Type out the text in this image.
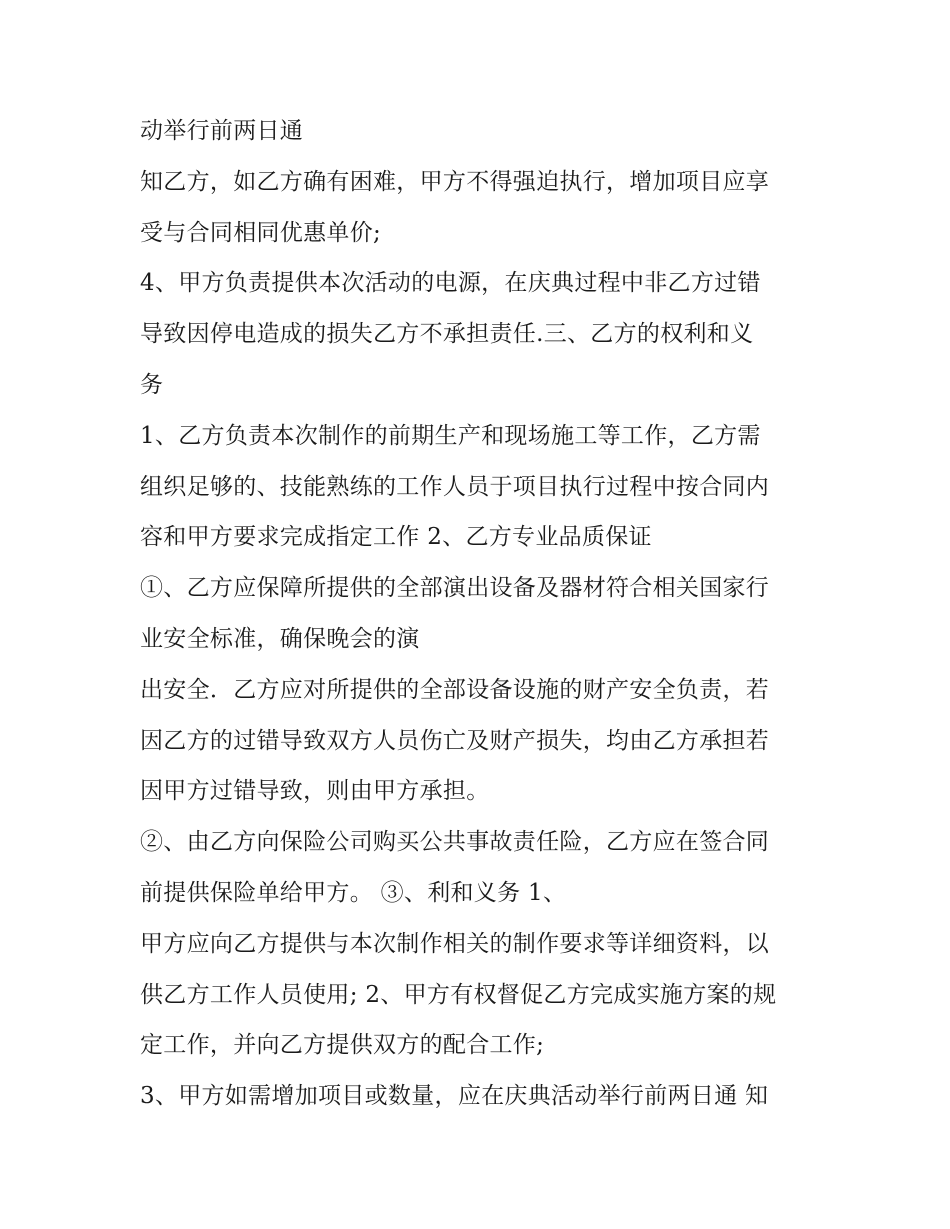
动举行前两日通
知乙方，如乙方确有困难，甲方不得强迫执行，增加项目应享
受与合同相同优惠单价;
4、甲方负责提供本次活动的电源，在庆典过程中非乙方过错
导致因停电造成的损失乙方不承担责任.三、乙方的权利和义
务
1、乙方负责本次制作的前期生产和现场施工等工作，乙方需
组织足够的、技能熟练的工作人员于项目执行过程中按合同内
容和甲方要求完成指定工作 2、乙方专业品质保证
①、乙方应保障所提供的全部演出设备及器材符合相关国家行
业安全标准，确保晚会的演
出安全．乙方应对所提供的全部设备设施的财产安全负责，若
因乙方的过错导致双方人员伤亡及财产损失，均由乙方承担若
因甲方过错导致，则由甲方承担。
②、由乙方向保险公司购买公共事故责任险，乙方应在签合同
前提供保险单给甲方。 ③、利和义务 1、
甲方应向乙方提供与本次制作相关的制作要求等详细资料，以
供乙方工作人员使用; 2、甲方有权督促乙方完成实施方案的规
定工作，并向乙方提供双方的配合工作;
3、甲方如需增加项目或数量，应在庆典活动举行前两日通 知
